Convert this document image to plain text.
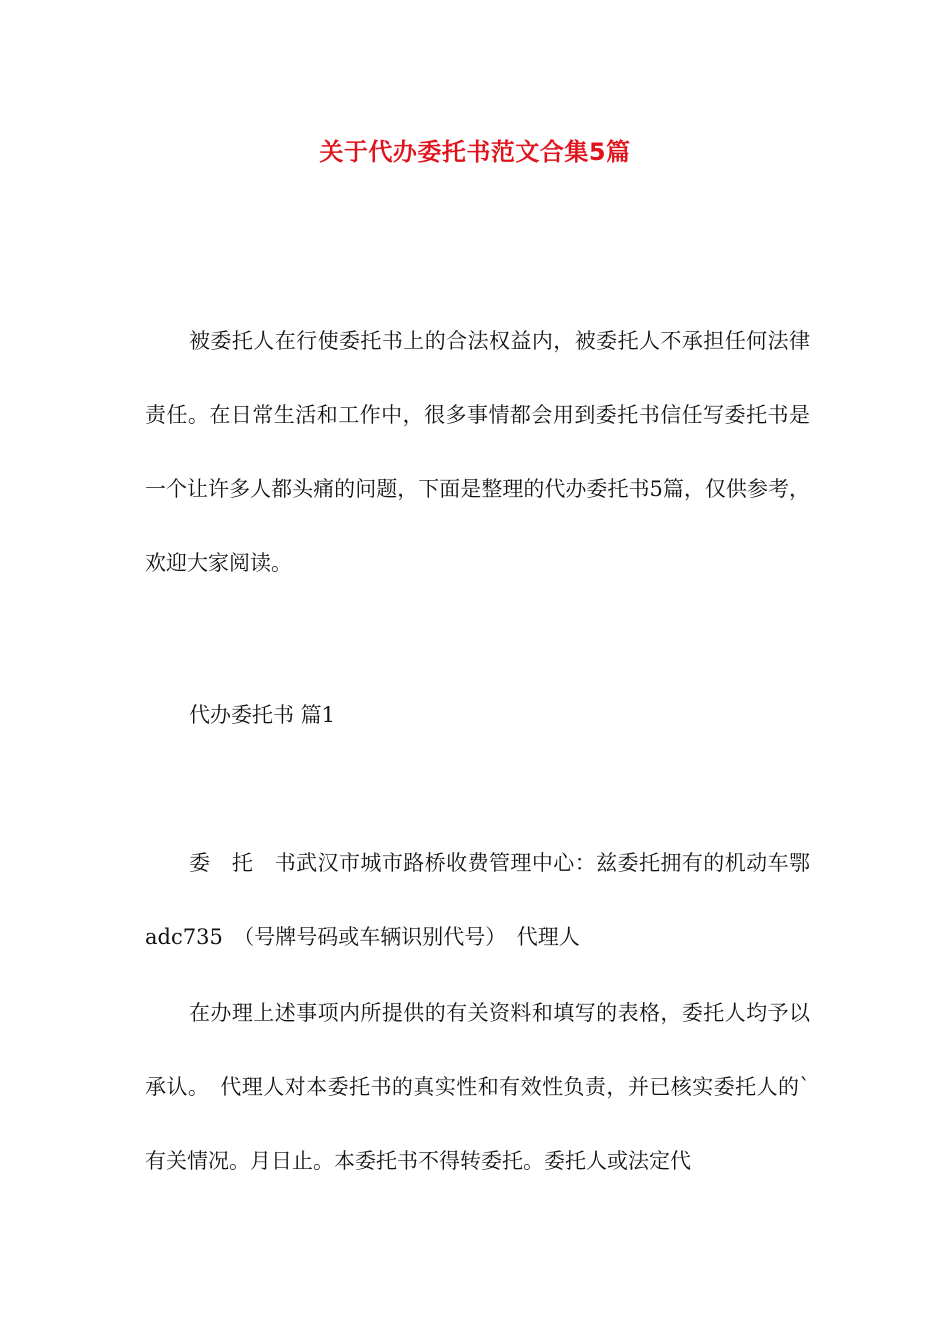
关于代办委托书范文合集5篇

被委托人在行使委托书上的合法权益内，被委托人不承担任何法律责任。在日常生活和工作中，很多事情都会用到委托书信任写委托书是一个让许多人都头痛的问题，下面是整理的代办委托书5篇，仅供参考，欢迎大家阅读。

代办委托书 篇1

委　托　书武汉市城市路桥收费管理中心：兹委托拥有的机动车鄂adc735　（号牌号码或车辆识别代号）　代理人

在办理上述事项内所提供的有关资料和填写的表格，委托人均予以承认。　代理人对本委托书的真实性和有效性负责，并已核实委托人的`有关情况。月日止。本委托书不得转委托。委托人或法定代
